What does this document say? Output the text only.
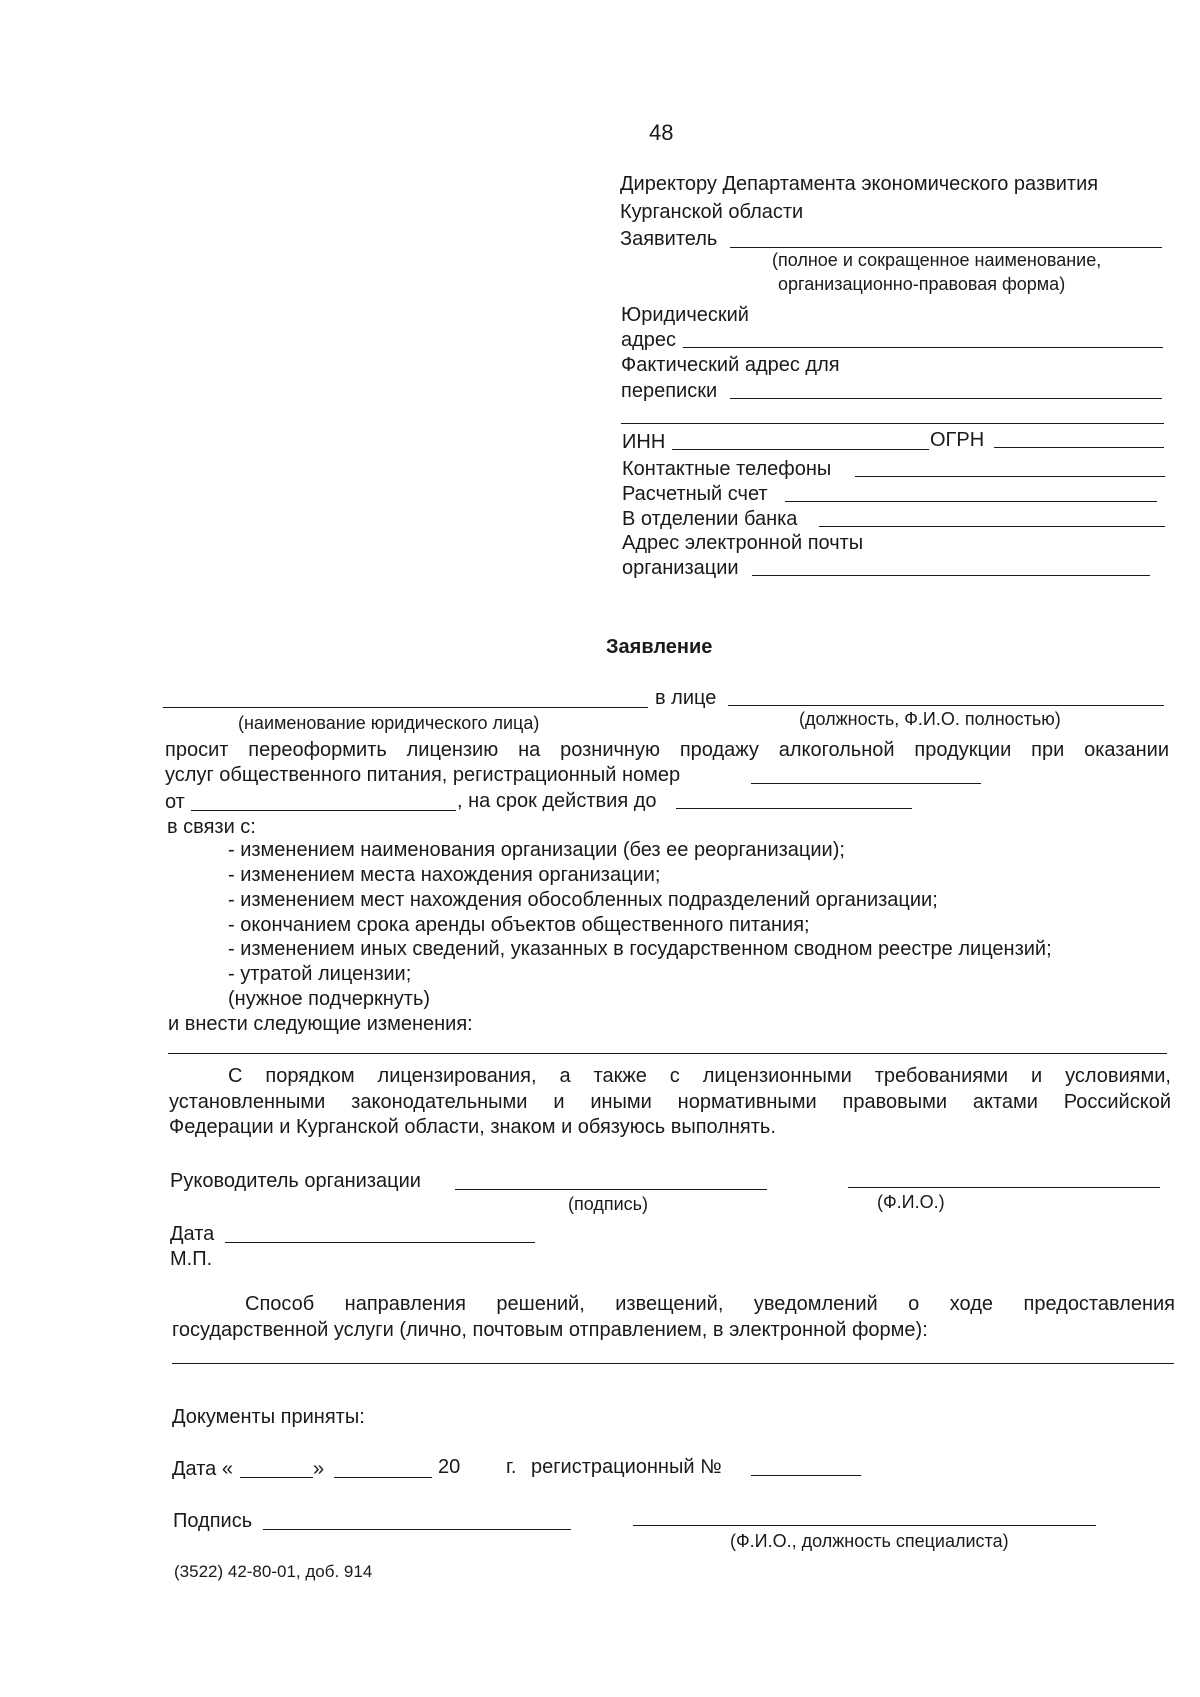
48
Директору Департамента экономического развития
Курганской области
Заявитель
(полное и сокращенное наименование,
организационно-правовая форма)
Юридический
адрес
Фактический адрес для
переписки
ИНН	ОГРН
Контактные телефоны
Расчетный счет
В отделении банка
Адрес электронной почты
организации
Заявление
в лице
(наименование юридического лица)	(должность, Ф.И.О. полностью)
просит переоформить лицензию на розничную продажу алкогольной продукции при оказании
услуг общественного питания, регистрационный номер
от	, на срок действия до
в связи с:
- изменением наименования организации (без ее реорганизации);
- изменением места нахождения организации;
- изменением мест нахождения обособленных подразделений организации;
- окончанием срока аренды объектов общественного питания;
- изменением иных сведений, указанных в государственном сводном реестре лицензий;
- утратой лицензии;
(нужное подчеркнуть)
и внести следующие изменения:
С порядком лицензирования, а также с лицензионными требованиями и условиями,
установленными законодательными и иными нормативными правовыми актами Российской
Федерации и Курганской области, знаком и обязуюсь выполнять.
Руководитель организации
(подпись)	(Ф.И.О.)
Дата
М.П.
Способ направления решений, извещений, уведомлений о ходе предоставления
государственной услуги (лично, почтовым отправлением, в электронной форме):
Документы приняты:
Дата «	»	20 г. регистрационный №
Подпись
(Ф.И.О., должность специалиста)
(3522) 42-80-01, доб. 914
